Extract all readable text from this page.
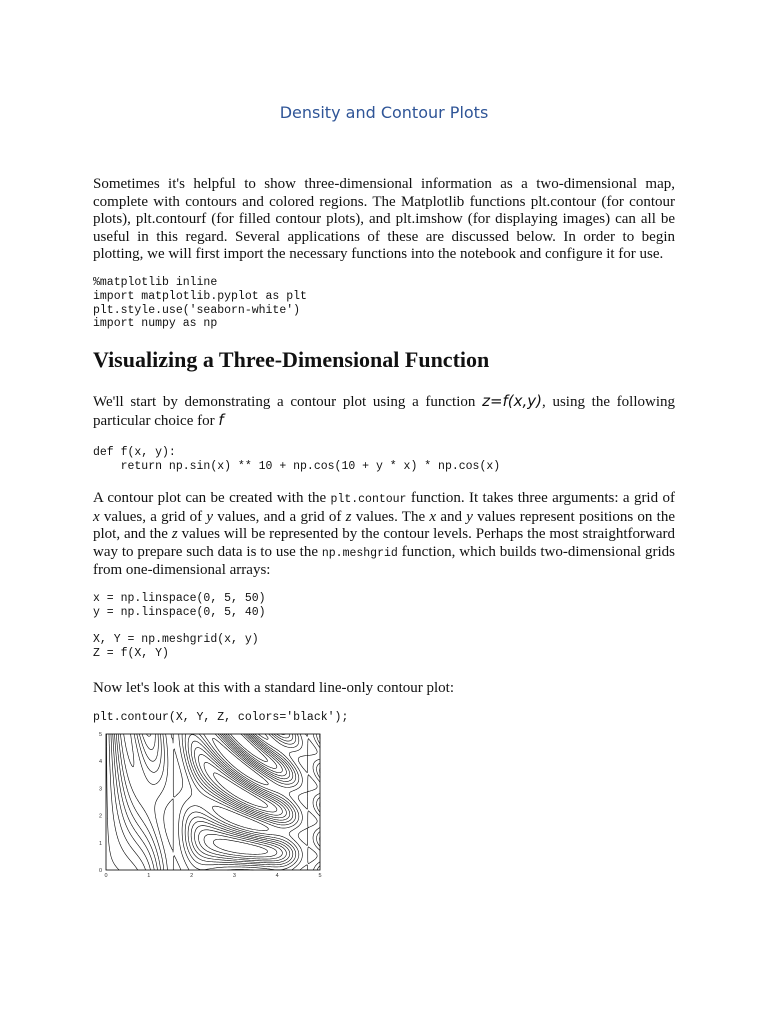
Density and Contour Plots

Sometimes it's helpful to show three-dimensional information as a two-dimensional map, complete with contours and colored regions. The Matplotlib functions plt.contour (for contour plots), plt.contourf (for filled contour plots), and plt.imshow (for displaying images) can all be useful in this regard. Several applications of these are discussed below. In order to begin plotting, we will first import the necessary functions into the notebook and configure it for use.

%matplotlib inline
import matplotlib.pyplot as plt
plt.style.use('seaborn-white')
import numpy as np
Visualizing a Three-Dimensional Function

We'll start by demonstrating a contour plot using a function z=f(x,y), using the following particular choice for f

def f(x, y):
return np.sin(x) ** 10 + np.cos(10 + y * x) * np.cos(x)

A contour plot can be created with the plt.contour function. It takes three arguments: a grid of x values, a grid of y values, and a grid of z values. The x and y values represent positions on the plot, and the z values will be represented by the contour levels. Perhaps the most straightforward way to prepare such data is to use the np.meshgrid function, which builds two-dimensional grids from one-dimensional arrays:

x = np.linspace(0, 5, 50)
y = np.linspace(0, 5, 40)

X, Y = np.meshgrid(x, y)
Z = f(X, Y)

Now let's look at this with a standard line-only contour plot:

plt.contour(X, Y, Z, colors='black');
0	1	2	3	4	5
0
1
2
3
4
5
